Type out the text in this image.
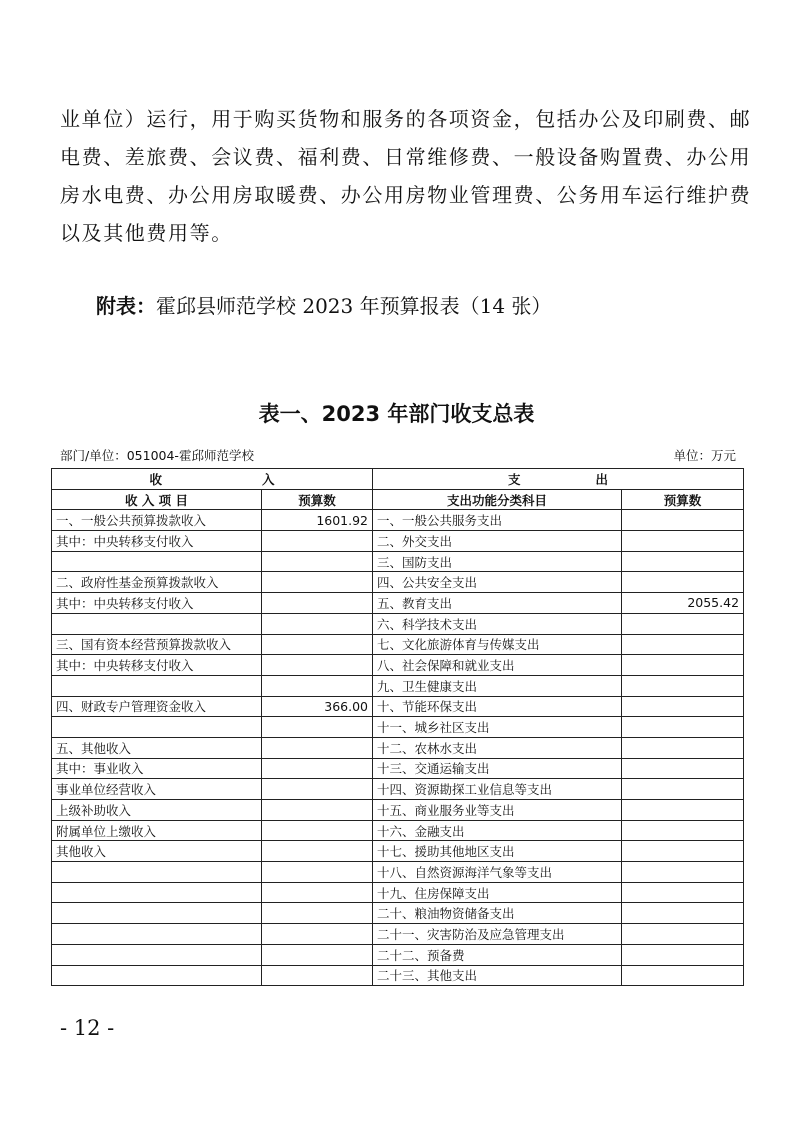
业单位）运行，用于购买货物和服务的各项资金，包括办公及印刷费、邮
电费、差旅费、会议费、福利费、日常维修费、一般设备购置费、办公用
房水电费、办公用房取暖费、办公用房物业管理费、公务用车运行维护费
以及其他费用等。
附表：霍邱县师范学校 2023 年预算报表（14 张）
表一、2023 年部门收支总表
部门/单位：051004-霍邱师范学校	单位：万元
收　　　　　　　　入		支　　　　　　出	
收 入 项 目	预算数	支出功能分类科目	预算数
一、一般公共预算拨款收入	1601.92	一、一般公共服务支出	
其中：中央转移支付收入		二、外交支出	
		三、国防支出	
二、政府性基金预算拨款收入		四、公共安全支出	
其中：中央转移支付收入		五、教育支出	2055.42
		六、科学技术支出	
三、国有资本经营预算拨款收入		七、文化旅游体育与传媒支出	
其中：中央转移支付收入		八、社会保障和就业支出	
		九、卫生健康支出	
四、财政专户管理资金收入	366.00	十、节能环保支出	
		十一、城乡社区支出	
五、其他收入		十二、农林水支出	
其中：事业收入		十三、交通运输支出	
事业单位经营收入		十四、资源勘探工业信息等支出	
上级补助收入		十五、商业服务业等支出	
附属单位上缴收入		十六、金融支出	
其他收入		十七、援助其他地区支出	
		十八、自然资源海洋气象等支出	
		十九、住房保障支出	
		二十、粮油物资储备支出	
		二十一、灾害防治及应急管理支出	
		二十二、预备费	
		二十三、其他支出	
- 12 -
